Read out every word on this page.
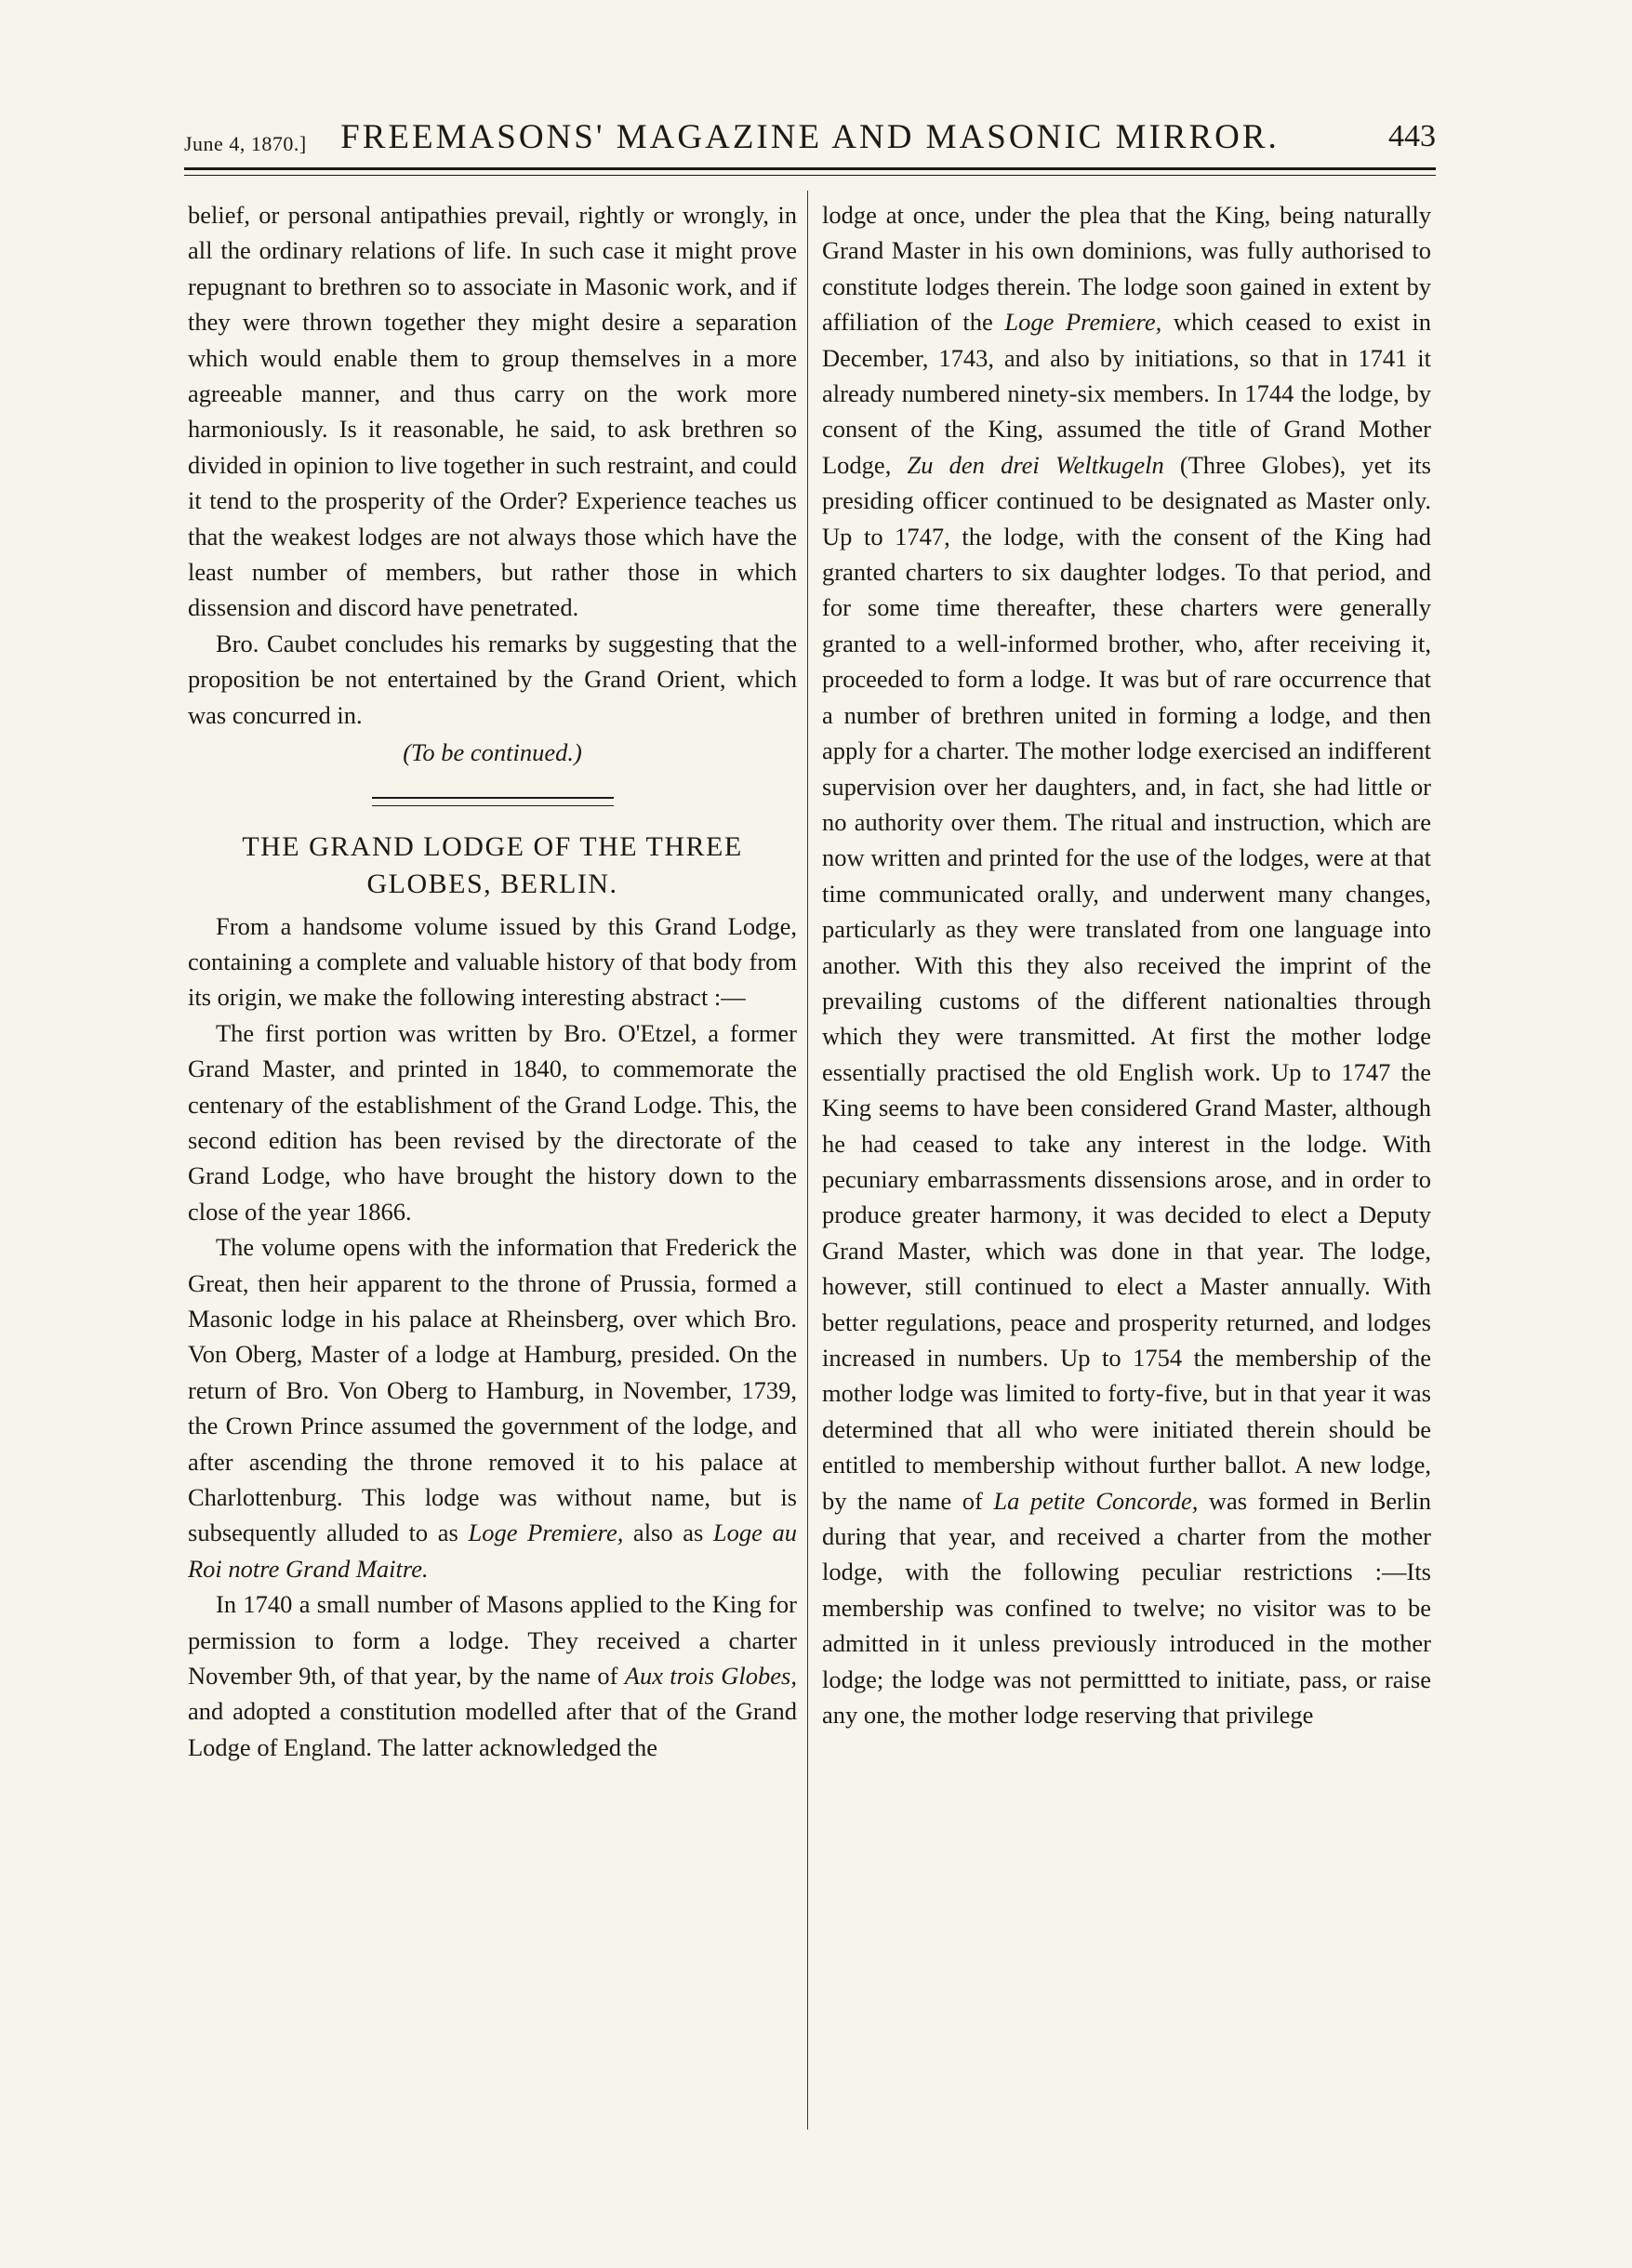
June 4, 1870.] FREEMASONS' MAGAZINE AND MASONIC MIRROR.	443

belief, or personal antipathies prevail, rightly or wrongly, in all the ordinary relations of life. In such case it might prove repugnant to brethren so to associate in Masonic work, and if they were thrown together they might desire a separation which would enable them to group themselves in a more agreeable manner, and thus carry on the work more harmoniously. Is it reasonable, he said, to ask brethren so divided in opinion to live together in such restraint, and could it tend to the prosperity of the Order? Experience teaches us that the weakest lodges are not always those which have the least number of members, but rather those in which dissension and discord have penetrated.

Bro. Caubet concludes his remarks by suggesting that the proposition be not entertained by the Grand Orient, which was concurred in.

(To be continued.)

THE GRAND LODGE OF THE THREE GLOBES, BERLIN.

From a handsome volume issued by this Grand Lodge, containing a complete and valuable history of that body from its origin, we make the following interesting abstract :—

The first portion was written by Bro. O'Etzel, a former Grand Master, and printed in 1840, to commemorate the centenary of the establishment of the Grand Lodge. This, the second edition has been revised by the directorate of the Grand Lodge, who have brought the history down to the close of the year 1866.

The volume opens with the information that Frederick the Great, then heir apparent to the throne of Prussia, formed a Masonic lodge in his palace at Rheinsberg, over which Bro. Von Oberg, Master of a lodge at Hamburg, presided. On the return of Bro. Von Oberg to Hamburg, in November, 1739, the Crown Prince assumed the government of the lodge, and after ascending the throne removed it to his palace at Charlottenburg. This lodge was without name, but is subsequently alluded to as Loge Premiere, also as Loge au Roi notre Grand Maitre.

In 1740 a small number of Masons applied to the King for permission to form a lodge. They received a charter November 9th, of that year, by the name of Aux trois Globes, and adopted a constitution modelled after that of the Grand Lodge of England. The latter acknowledged the

lodge at once, under the plea that the King, being naturally Grand Master in his own dominions, was fully authorised to constitute lodges therein. The lodge soon gained in extent by affiliation of the Loge Premiere, which ceased to exist in December, 1743, and also by initiations, so that in 1741 it already numbered ninety-six members. In 1744 the lodge, by consent of the King, assumed the title of Grand Mother Lodge, Zu den drei Weltkugeln (Three Globes), yet its presiding officer continued to be designated as Master only. Up to 1747, the lodge, with the consent of the King had granted charters to six daughter lodges. To that period, and for some time thereafter, these charters were generally granted to a well-informed brother, who, after receiving it, proceeded to form a lodge. It was but of rare occurrence that a number of brethren united in forming a lodge, and then apply for a charter. The mother lodge exercised an indifferent supervision over her daughters, and, in fact, she had little or no authority over them. The ritual and instruction, which are now written and printed for the use of the lodges, were at that time communicated orally, and underwent many changes, particularly as they were translated from one language into another. With this they also received the imprint of the prevailing customs of the different nationalties through which they were transmitted. At first the mother lodge essentially practised the old English work. Up to 1747 the King seems to have been considered Grand Master, although he had ceased to take any interest in the lodge. With pecuniary embarrassments dissensions arose, and in order to produce greater harmony, it was decided to elect a Deputy Grand Master, which was done in that year. The lodge, however, still continued to elect a Master annually. With better regulations, peace and prosperity returned, and lodges increased in numbers. Up to 1754 the membership of the mother lodge was limited to forty-five, but in that year it was determined that all who were initiated therein should be entitled to membership without further ballot. A new lodge, by the name of La petite Concorde, was formed in Berlin during that year, and received a charter from the mother lodge, with the following peculiar restrictions :—Its membership was confined to twelve; no visitor was to be admitted in it unless previously introduced in the mother lodge; the lodge was not permittted to initiate, pass, or raise any one, the mother lodge reserving that privilege
